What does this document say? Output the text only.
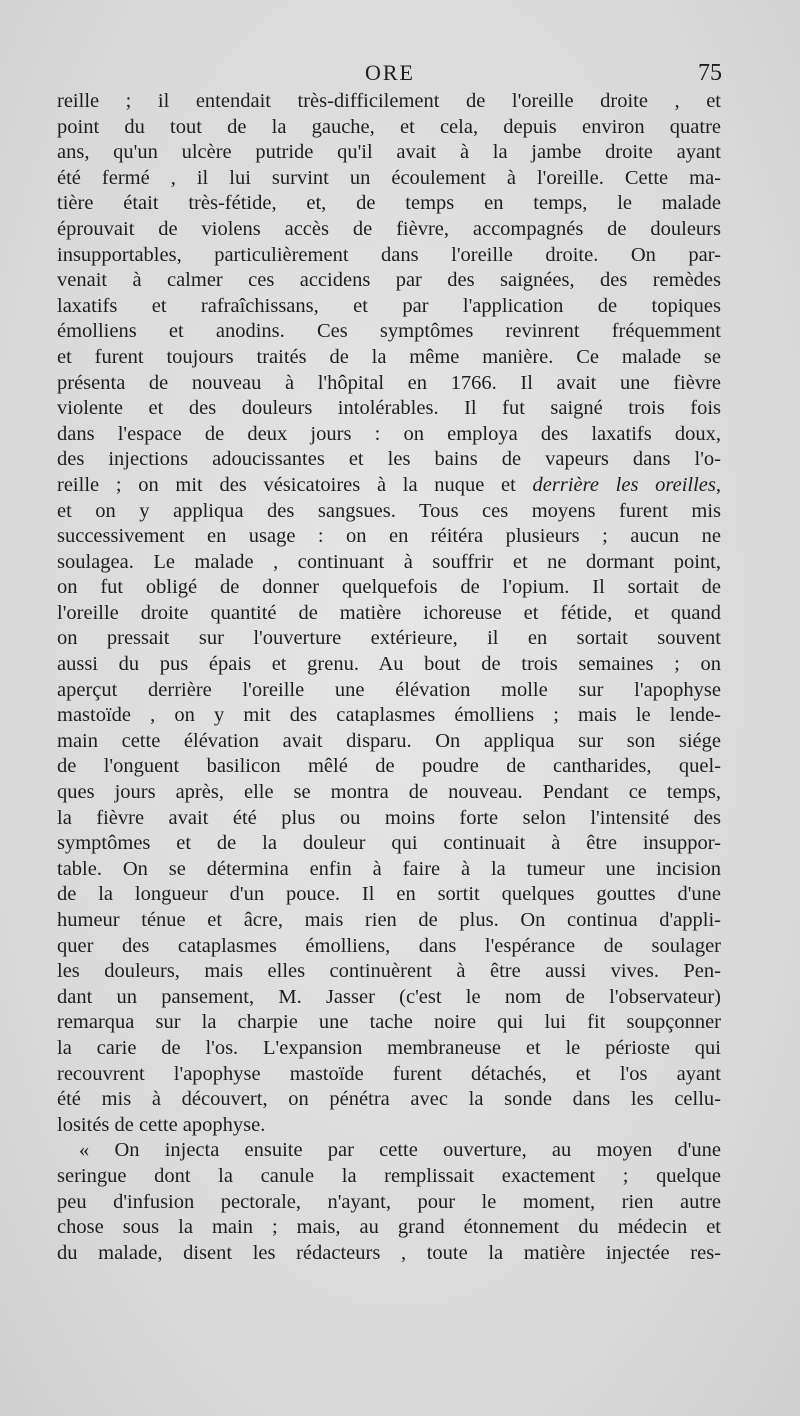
ORE	75
reille ; il entendait très-difficilement de l'oreille droite , et
point du tout de la gauche, et cela, depuis environ quatre
ans, qu'un ulcère putride qu'il avait à la jambe droite ayant
été fermé , il lui survint un écoulement à l'oreille. Cette ma-
tière était très-fétide, et, de temps en temps, le malade
éprouvait de violens accès de fièvre, accompagnés de douleurs
insupportables, particulièrement dans l'oreille droite. On par-
venait à calmer ces accidens par des saignées, des remèdes
laxatifs et rafraîchissans, et par l'application de topiques
émolliens et anodins. Ces symptômes revinrent fréquemment
et furent toujours traités de la même manière. Ce malade se
présenta de nouveau à l'hôpital en 1766. Il avait une fièvre
violente et des douleurs intolérables. Il fut saigné trois fois
dans l'espace de deux jours : on employa des laxatifs doux,
des injections adoucissantes et les bains de vapeurs dans l'o-
reille ; on mit des vésicatoires à la nuque et derrière les oreilles,
et on y appliqua des sangsues. Tous ces moyens furent mis
successivement en usage : on en réitéra plusieurs ; aucun ne
soulagea. Le malade , continuant à souffrir et ne dormant point,
on fut obligé de donner quelquefois de l'opium. Il sortait de
l'oreille droite quantité de matière ichoreuse et fétide, et quand
on pressait sur l'ouverture extérieure, il en sortait souvent
aussi du pus épais et grenu. Au bout de trois semaines ; on
aperçut derrière l'oreille une élévation molle sur l'apophyse
mastoïde , on y mit des cataplasmes émolliens ; mais le lende-
main cette élévation avait disparu. On appliqua sur son siége
de l'onguent basilicon mêlé de poudre de cantharides, quel-
ques jours après, elle se montra de nouveau. Pendant ce temps,
la fièvre avait été plus ou moins forte selon l'intensité des
symptômes et de la douleur qui continuait à être insuppor-
table. On se détermina enfin à faire à la tumeur une incision
de la longueur d'un pouce. Il en sortit quelques gouttes d'une
humeur ténue et âcre, mais rien de plus. On continua d'appli-
quer des cataplasmes émolliens, dans l'espérance de soulager
les douleurs, mais elles continuèrent à être aussi vives. Pen-
dant un pansement, M. Jasser (c'est le nom de l'observateur)
remarqua sur la charpie une tache noire qui lui fit soupçonner
la carie de l'os. L'expansion membraneuse et le périoste qui
recouvrent l'apophyse mastoïde furent détachés, et l'os ayant
été mis à découvert, on pénétra avec la sonde dans les cellu-
losités de cette apophyse.
« On injecta ensuite par cette ouverture, au moyen d'une
seringue dont la canule la remplissait exactement ; quelque
peu d'infusion pectorale, n'ayant, pour le moment, rien autre
chose sous la main ; mais, au grand étonnement du médecin et
du malade, disent les rédacteurs , toute la matière injectée res-
